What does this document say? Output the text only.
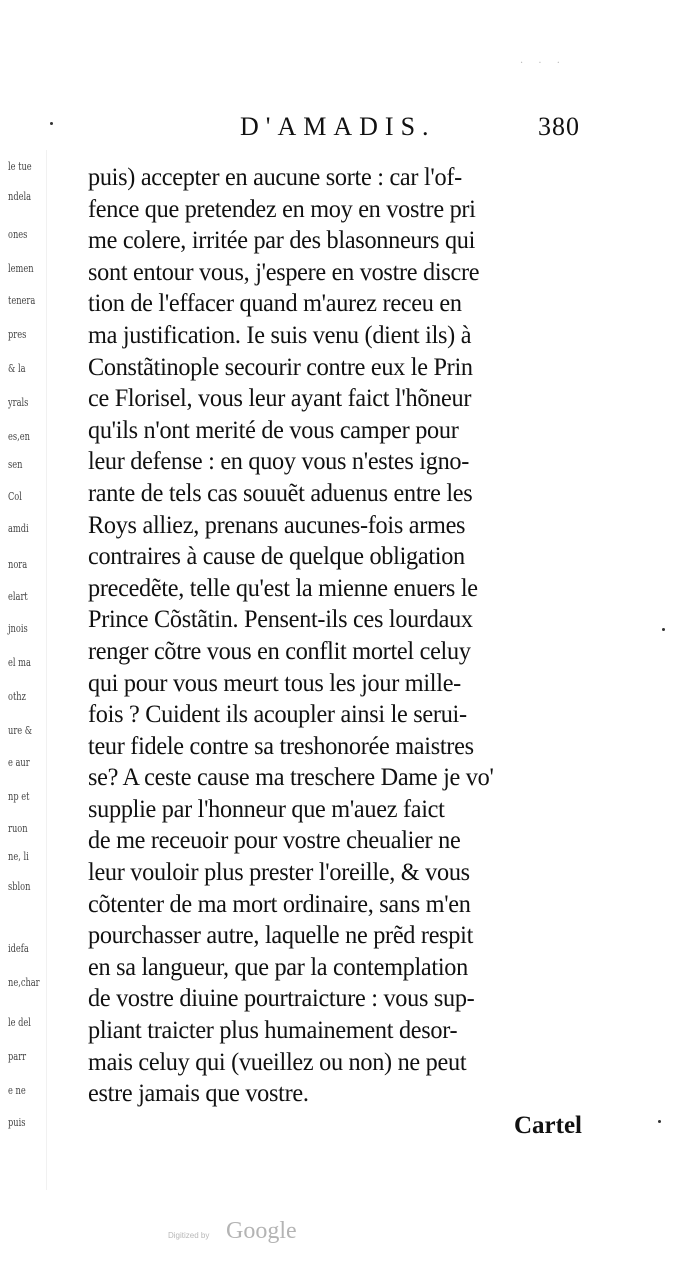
· · ·
D'AMADIS.	380
le tue
ndela
ones
lemen
tenera
pres
& la
yrals
es,en
sen
Col
amdi
nora
elart
jnois
el ma
othz
ure &
e aur
np et
ruon
ne, li
sblon
idefa
ne,char
le del
parr
e ne
puis
puis) accepter en aucune sorte : car l'of-
fence que pretendez en moy en vostre pri
me colere, irritée par des blasonneurs qui
sont entour vous, j'espere en vostre discre
tion de l'effacer quand m'aurez receu en
ma justification. Ie suis venu (dient ils) à
Constãtinople secourir contre eux le Prin
ce Florisel, vous leur ayant faict l'hõneur
qu'ils n'ont merité de vous camper pour
leur defense : en quoy vous n'estes igno-
rante de tels cas souuẽt aduenus entre les
Roys alliez, prenans aucunes-fois armes
contraires à cause de quelque obligation
precedẽte, telle qu'est la mienne enuers le
Prince Cõstãtin. Pensent-ils ces lourdaux
renger cõtre vous en conflit mortel celuy
qui pour vous meurt tous les jour mille-
fois ? Cuident ils acoupler ainsi le serui-
teur fidele contre sa treshonorée maistres
se? A ceste cause ma treschere Dame je vo'
supplie par l'honneur que m'auez faict
de me receuoir pour vostre cheualier ne
leur vouloir plus prester l'oreille, & vous
cõtenter de ma mort ordinaire, sans m'en
pourchasser autre, laquelle ne prẽd respit
en sa langueur, que par la contemplation
de vostre diuine pourtraicture : vous sup-
pliant traicter plus humainement desor-
mais celuy qui (vueillez ou non) ne peut
estre jamais que vostre.
Cartel
Digitized by Google
